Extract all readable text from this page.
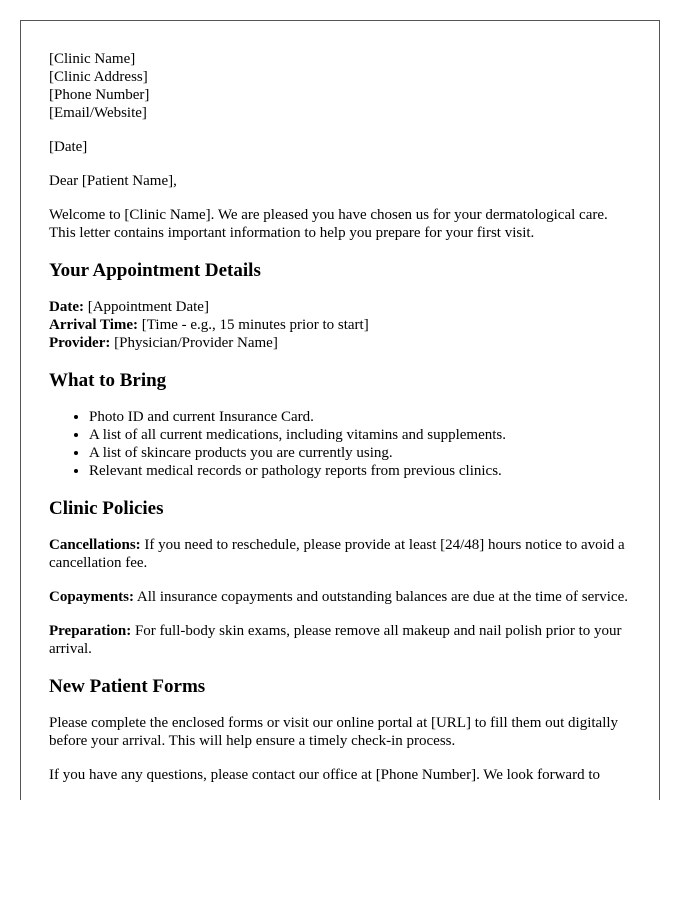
[Clinic Name]
[Clinic Address]
[Phone Number]
[Email/Website]

[Date]

Dear [Patient Name],

Welcome to [Clinic Name]. We are pleased you have chosen us for your dermatological care. This letter contains important information to help you prepare for your first visit.

Your Appointment Details

Date: [Appointment Date]
Arrival Time: [Time - e.g., 15 minutes prior to start]
Provider: [Physician/Provider Name]

What to Bring
• Photo ID and current Insurance Card.
• A list of all current medications, including vitamins and supplements.
• A list of skincare products you are currently using.
• Relevant medical records or pathology reports from previous clinics.
Clinic Policies

Cancellations: If you need to reschedule, please provide at least [24/48] hours notice to avoid a cancellation fee.

Copayments: All insurance copayments and outstanding balances are due at the time of service.

Preparation: For full-body skin exams, please remove all makeup and nail polish prior to your arrival.

New Patient Forms

Please complete the enclosed forms or visit our online portal at [URL] to fill them out digitally before your arrival. This will help ensure a timely check-in process.

If you have any questions, please contact our office at [Phone Number]. We look forward to
